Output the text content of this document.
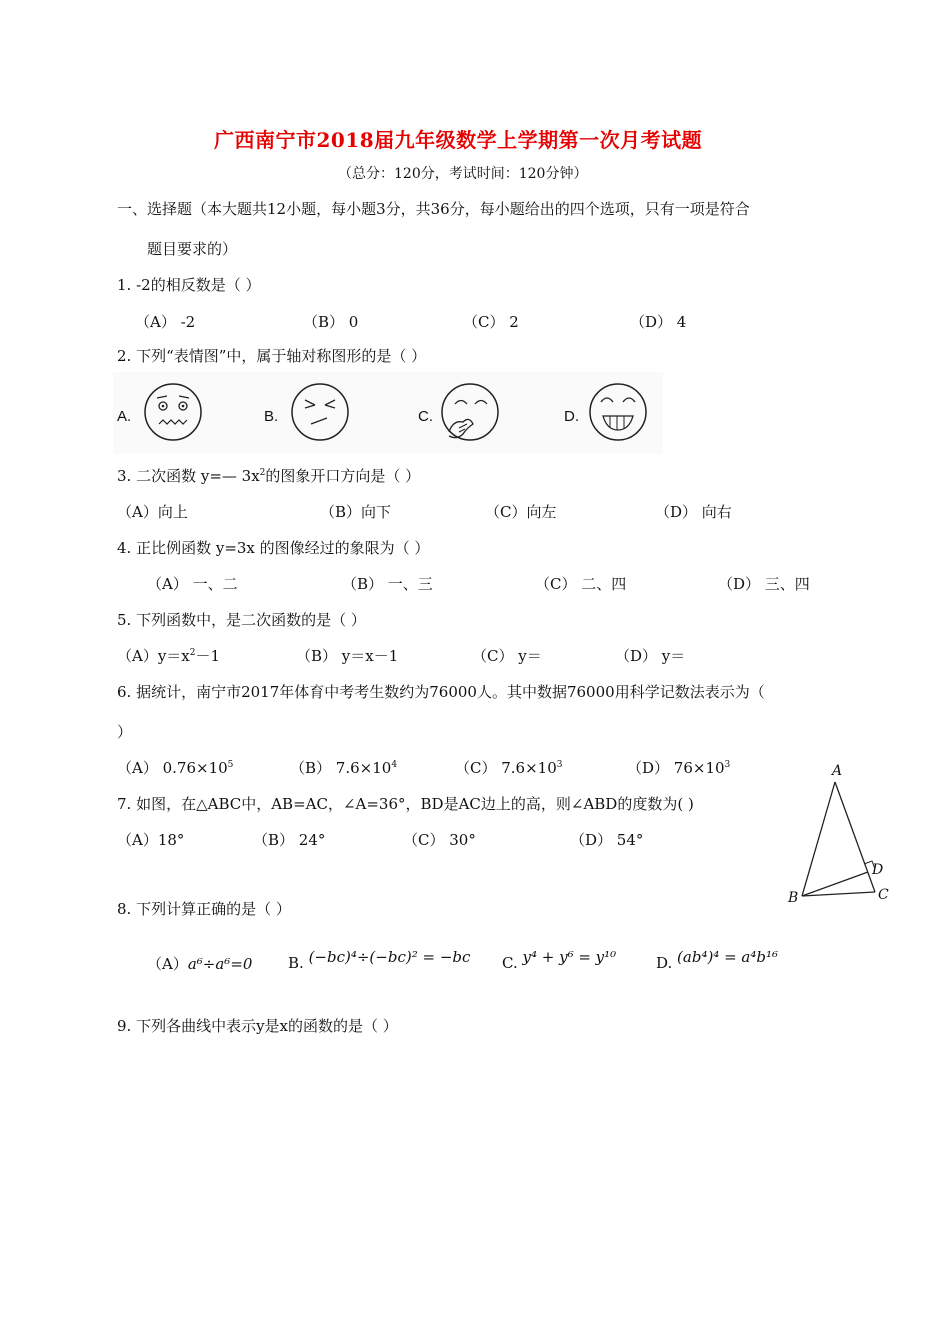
广西南宁市2018届九年级数学上学期第一次月考试题
（总分：120分，考试时间：120分钟）
一、选择题（本大题共12小题，每小题3分，共36分，每小题给出的四个选项，只有一项是符合
题目要求的）
1. -2的相反数是（ ）
（A） -2	（B） 0	（C） 2	（D） 4
2. 下列“表情图”中，属于轴对称图形的是（ ）
A.	B.	C.	D.
3. 二次函数 y=— $3x^2$的图象开口方向是（ ）
（A）向上	（B）向下	（C）向左	（D） 向右
4. 正比例函数 y=3x 的图像经过的象限为（ ）
（A） 一、二	（B） 一、三	（C） 二、四	（D） 三、四
5. 下列函数中，是二次函数的是（ ）
$(A)y=x^2-1$	（B） y＝x－1	（C） y＝	（D） y＝
6. 据统计，南宁市2017年体育中考考生数约为76000人。其中数据76000用科学记数法表示为（
）
（A） $0.76\times 10^5$	（B） $7.6\times 10^4$	（C） $7.6\times 10^3$	（D） $76\times 10^3$
7. 如图，在△ABC中，AB=AC，∠A=36°，BD是AC边上的高，则∠ABD的度数为( )
（A）18°	（B） 24°	（C） 30°	（D） 54°
A
B	C
D
8. 下列计算正确的是（ ）
（A）a⁶÷a⁶=0 B. (−bc)⁴÷(−bc)² = −bc C. y⁴ + y⁶ = y¹⁰	D. (ab⁴)⁴ = a⁴b¹⁶
9. 下列各曲线中表示y是x的函数的是（ ）
